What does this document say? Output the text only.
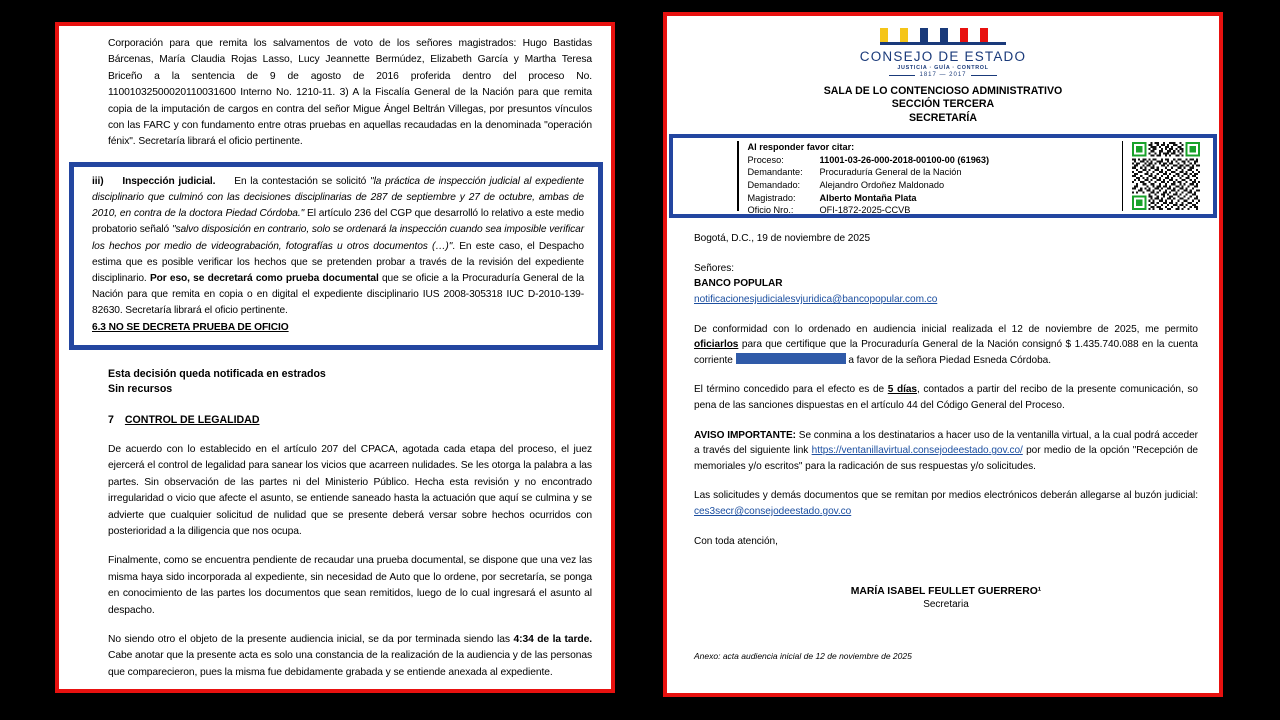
Corporación para que remita los salvamentos de voto de los señores magistrados: Hugo Bastidas Bárcenas, María Claudia Rojas Lasso, Lucy Jeannette Bermúdez, Elizabeth García y Martha Teresa Briceño a la sentencia de 9 de agosto de 2016 proferida dentro del proceso No. 11001032500020110031600 Interno No. 1210-11. 3) A la Fiscalía General de la Nación para que remita copia de la imputación de cargos en contra del señor Migue Ángel Beltrán Villegas, por presuntos vínculos con las FARC y con fundamento entre otras pruebas en aquellas recaudadas en la denominada "operación fénix". Secretaría librará el oficio pertinente.

iii) Inspección judicial. En la contestación se solicitó "la práctica de inspección judicial al expediente disciplinario que culminó con las decisiones disciplinarias de 287 de septiembre y 27 de octubre, ambas de 2010, en contra de la doctora Piedad Córdoba." El artículo 236 del CGP que desarrolló lo relativo a este medio probatorio señaló "salvo disposición en contrario, solo se ordenará la inspección cuando sea imposible verificar los hechos por medio de videograbación, fotografías u otros documentos (…)". En este caso, el Despacho estima que es posible verificar los hechos que se pretenden probar a través de la revisión del expediente disciplinario. Por eso, se decretará como prueba documental que se oficie a la Procuraduría General de la Nación para que remita en copia o en digital el expediente disciplinario IUS 2008-305318 IUC D-2010-139-82630. Secretaría librará el oficio pertinente.

6.3 NO SE DECRETA PRUEBA DE OFICIO

Esta decisión queda notificada en estrados
Sin recursos
7 CONTROL DE LEGALIDAD

De acuerdo con lo establecido en el artículo 207 del CPACA, agotada cada etapa del proceso, el juez ejercerá el control de legalidad para sanear los vicios que acarreen nulidades. Se les otorga la palabra a las partes. Sin observación de las partes ni del Ministerio Público. Hecha esta revisión y no encontrado irregularidad o vicio que afecte el asunto, se entiende saneado hasta la actuación que aquí se culmina y se advierte que cualquier solicitud de nulidad que se presente deberá versar sobre hechos ocurridos con posterioridad a la diligencia que nos ocupa.

Finalmente, como se encuentra pendiente de recaudar una prueba documental, se dispone que una vez las misma haya sido incorporada al expediente, sin necesidad de Auto que lo ordene, por secretaría, se ponga en conocimiento de las partes los documentos que sean remitidos, luego de lo cual ingresará el asunto al despacho.

No siendo otro el objeto de la presente audiencia inicial, se da por terminada siendo las 4:34 de la tarde. Cabe anotar que la presente acta es solo una constancia de la realización de la audiencia y de las personas que comparecieron, pues la misma fue debidamente grabada y se entiende anexada al expediente.

CONSEJO DE ESTADO
JUSTICIA · GUÍA · CONTROL
1817 — 2017
SALA DE LO CONTENCIOSO ADMINISTRATIVO
SECCIÓN TERCERA
SECRETARÍA
Al responder favor citar:
Proceso:	11001-03-26-000-2018-00100-00 (61963)
Demandante:	Procuraduría General de la Nación
Demandado:	Alejandro Ordoñez Maldonado
Magistrado:	Alberto Montaña Plata
Oficio Nro.:	OFI-1872-2025-CCVB

Bogotá, D.C., 19 de noviembre de 2025

Señores:
BANCO POPULAR
notificacionesjudicialesvjuridica@bancopopular.com.co

De conformidad con lo ordenado en audiencia inicial realizada el 12 de noviembre de 2025, me permito oficiarlos para que certifique que la Procuraduría General de la Nación consignó $ 1.435.740.088 en la cuenta corriente	a favor de la señora Piedad Esneda Córdoba.

El término concedido para el efecto es de 5 días, contados a partir del recibo de la presente comunicación, so pena de las sanciones dispuestas en el artículo 44 del Código General del Proceso.

AVISO IMPORTANTE: Se conmina a los destinatarios a hacer uso de la ventanilla virtual, a la cual podrá acceder a través del siguiente link https://ventanillavirtual.consejodeestado.gov.co/ por medio de la opción "Recepción de memoriales y/o escritos" para la radicación de sus respuestas y/o solicitudes.

Las solicitudes y demás documentos que se remitan por medios electrónicos deberán allegarse al buzón judicial: ces3secr@consejodeestado.gov.co

Con toda atención,

MARÍA ISABEL FEULLET GUERRERO¹
Secretaria
Anexo: acta audiencia inicial de 12 de noviembre de 2025
